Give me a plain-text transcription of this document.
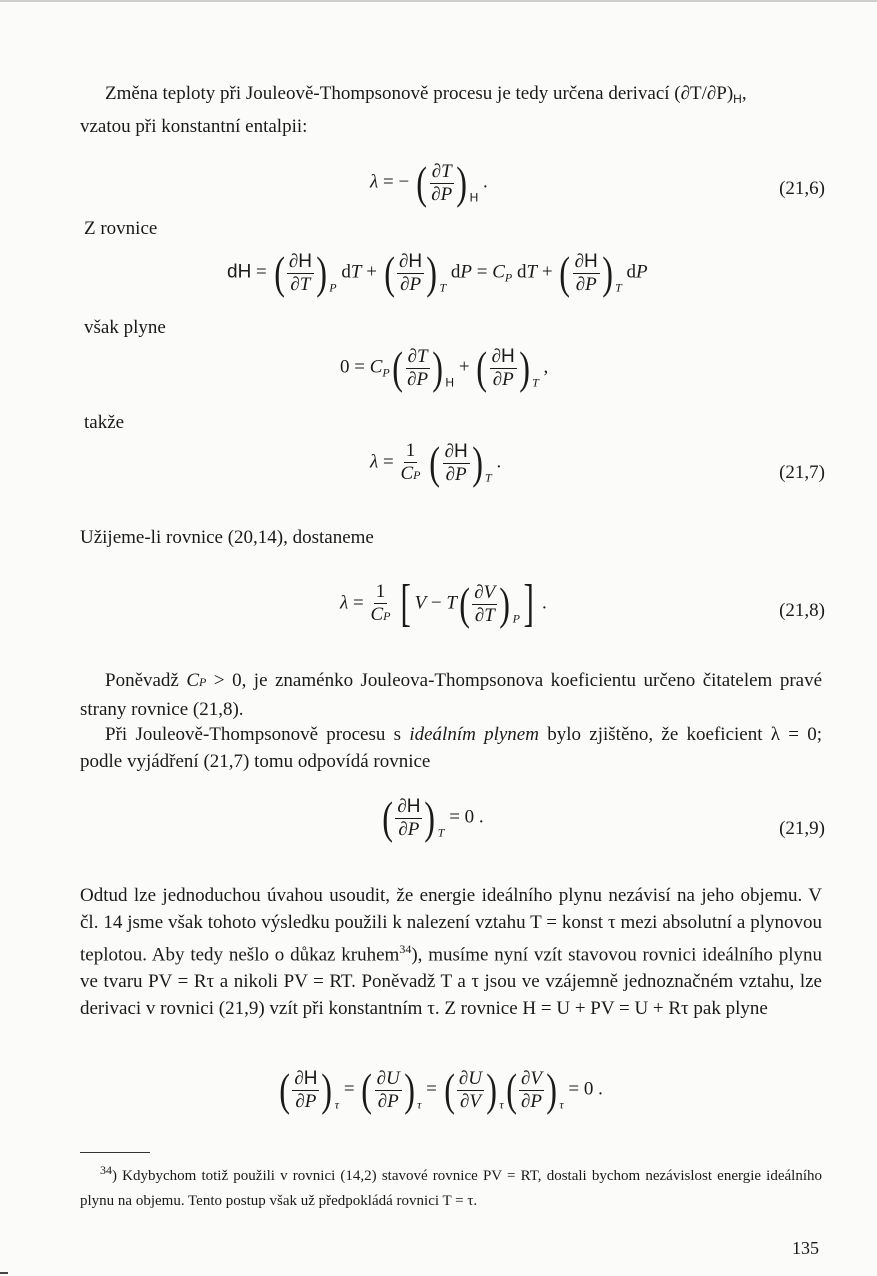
Změna teploty při Jouleově-Thompsonově procesu je tedy určena derivací $(\partial T/\partial P)_H$,
vzatou při konstantní entalpii:

λ = − ( $\frac{\partial T}{\partial P}$ ) $_H$ .	(21,6)
Z rovnice
dH = ( $\frac{\partial H}{\partial T}$ ) $_P$ dT + ( $\frac{\partial H}{\partial P}$ ) $_T$ dP = $C_P$ dT + ( $\frac{\partial H}{\partial P}$ ) $_T$ dP
však plyne
$0 = C_P( \frac{\partial T}{\partial P}$ ) $_H$ + ( $\frac{\partial H}{\partial P}$ ) $_T$ ,
takže
$\lambda = \frac{1}{CP}$ ( $\frac{\partial H}{\partial P}$ ) $_T$ .
(21,7)
Užijeme-li rovnice (20,14), dostaneme
$\lambda = \frac{1}{CP}$ [ $V - T( \frac{\partial V}{\partial T}$ ) $_P$] .	(21,8)

Poněvadž CP > 0, je znaménko Jouleova-Thompsonova koeficientu určeno čitatelem pravé strany rovnice (21,8).

Při Jouleově-Thompsonově procesu s ideálním plynem bylo zjištěno, že koeficient λ = 0; podle vyjádření (21,7) tomu odpovídá rovnice

( $\frac{\partial H}{\partial P}$ ) $_T$ = 0 .
(21,9)

Odtud lze jednoduchou úvahou usoudit, že energie ideálního plynu nezávisí na jeho objemu. V čl. 14 jsme však tohoto výsledku použili k nalezení vztahu T = konst τ mezi absolutní a plynovou teplotou. Aby tedy nešlo o důkaz kruhem$^{34}$), musíme nyní vzít stavovou rovnici ideálního plynu ve tvaru PV = Rτ a nikoli PV = RT. Poněvadž T a τ jsou ve vzájemně jednoznačném vztahu, lze derivaci v rovnici (21,9) vzít při konstantním τ. Z rovnice H = U + PV = U + Rτ pak plyne

( $\frac{\partial H}{\partial P}$ ) $_\tau$ = ( $\frac{\partial U}{\partial P}$ ) $_\tau$ = ( $\frac{\partial U}{\partial V}$ ) $_\tau( \frac{\partial V}{\partial P}$ ) $_\tau$ = 0 .
$^{34}$) Kdybychom totiž použili v rovnici (14,2) stavové rovnice PV = RT, dostali bychom nezávislost energie ideálního plynu na objemu. Tento postup však už předpokládá rovnici T = τ.
135
